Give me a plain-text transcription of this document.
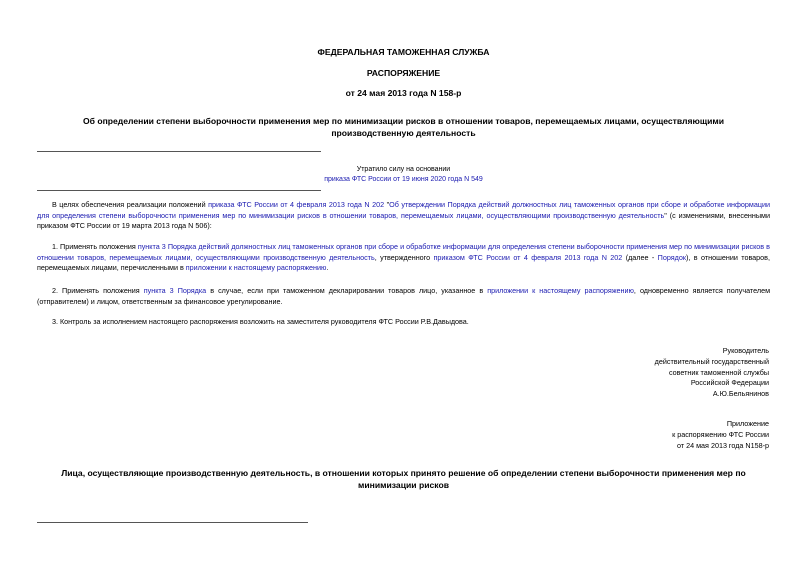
ФЕДЕРАЛЬНАЯ ТАМОЖЕННАЯ СЛУЖБА
РАСПОРЯЖЕНИЕ
от 24 мая 2013 года N 158-р
Об определении степени выборочности применения мер по минимизации рисков в отношении товаров, перемещаемых лицами, осуществляющими производственную деятельность
Утратило силу на основании
приказа ФТС России от 19 июня 2020 года N 549
В целях обеспечения реализации положений приказа ФТС России от 4 февраля 2013 года N 202 "Об утверждении Порядка действий должностных лиц таможенных органов при сборе и обработке информации для определения степени выборочности применения мер по минимизации рисков в отношении товаров, перемещаемых лицами, осуществляющими производственную деятельность" (с изменениями, внесенными приказом ФТС России от 19 марта 2013 года N 506):
1. Применять положения пункта 3 Порядка действий должностных лиц таможенных органов при сборе и обработке информации для определения степени выборочности применения мер по минимизации рисков в отношении товаров, перемещаемых лицами, осуществляющими производственную деятельность, утвержденного приказом ФТС России от 4 февраля 2013 года N 202 (далее - Порядок), в отношении товаров, перемещаемых лицами, перечисленными в приложении к настоящему распоряжению.
2. Применять положения пункта 3 Порядка в случае, если при таможенном декларировании товаров лицо, указанное в приложении к настоящему распоряжению, одновременно является получателем (отправителем) и лицом, ответственным за финансовое урегулирование.
3. Контроль за исполнением настоящего распоряжения возложить на заместителя руководителя ФТС России Р.В.Давыдова.
Руководитель
действительный государственный
советник таможенной службы
Российской Федерации
А.Ю.Бельянинов
Приложение
к распоряжению ФТС России
от 24 мая 2013 года N158-р
Лица, осуществляющие производственную деятельность, в отношении которых принято решение об определении степени выборочности применения мер по минимизации рисков
